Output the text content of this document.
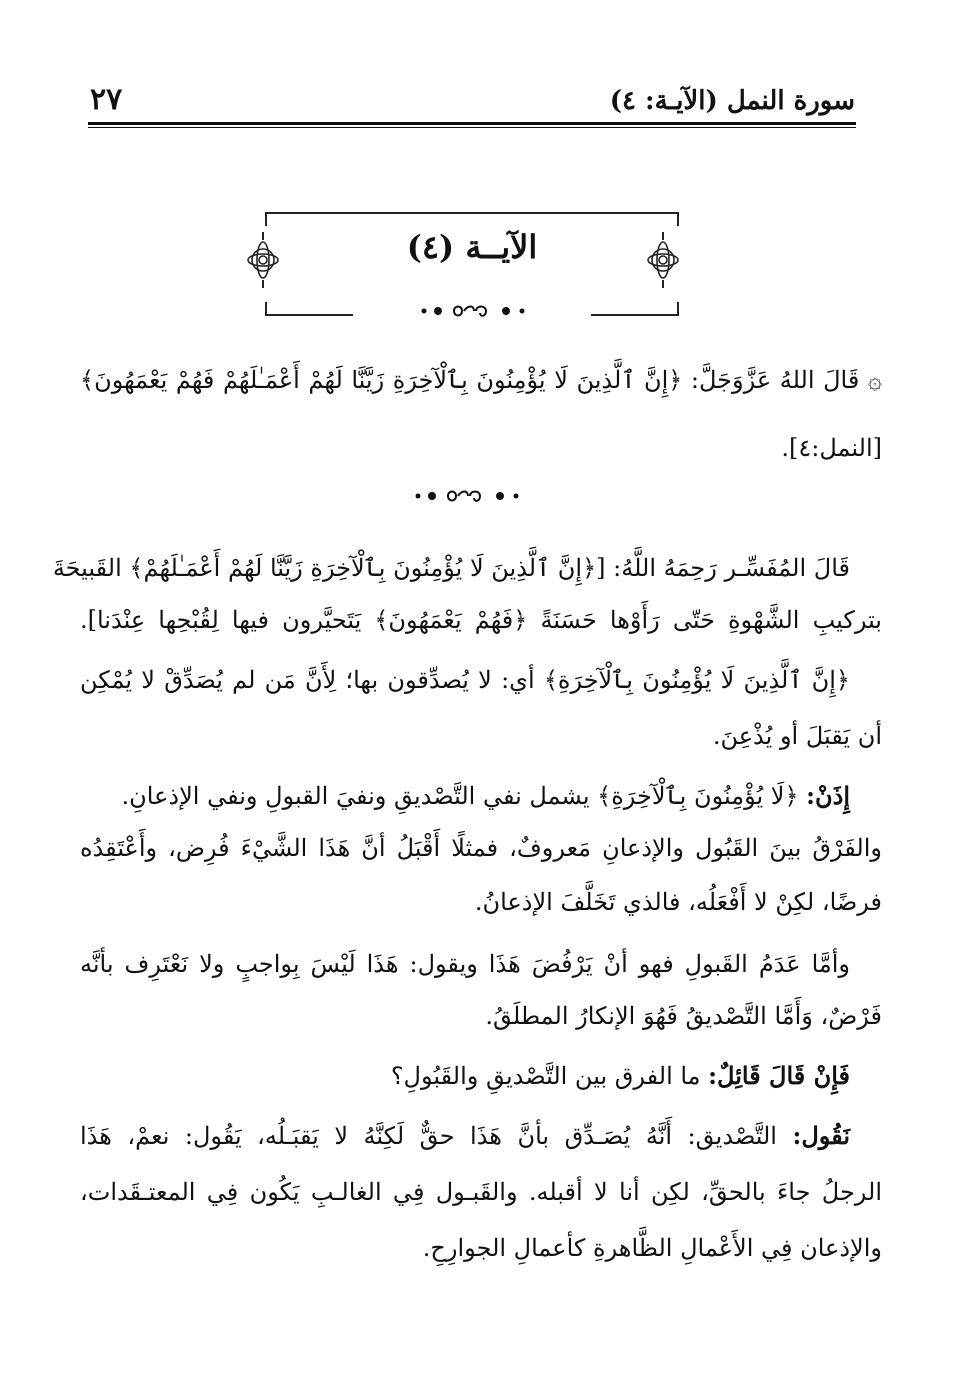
٢٧	سورة النمل (الآيـة: ٤)
الآيــة (٤)
۞ قَالَ اللهُ عَزَّوَجَلَّ: ﴿إِنَّ ٱلَّذِينَ لَا يُؤْمِنُونَ بِٱلْآخِرَةِ زَيَّنَّا لَهُمْ أَعْمَـٰلَهُمْ فَهُمْ يَعْمَهُونَ﴾
[النمل:٤].
قَالَ المُفَسِّـر رَحِمَهُ اللَّهُ: [﴿إِنَّ ٱلَّذِينَ لَا يُؤْمِنُونَ بِٱلْآخِرَةِ زَيَّنَّا لَهُمْ أَعْمَـٰلَهُمْ﴾ القَبيحَةَ
بتركيبِ الشَّهْوةِ حَتّى رَأَوْها حَسَنَةً ﴿فَهُمْ يَعْمَهُونَ﴾ يَتَحيَّرون فيها لِقُبْحِها عِنْدَنا].
﴿إِنَّ ٱلَّذِينَ لَا يُؤْمِنُونَ بِٱلْآخِرَةِ﴾ أي: لا يُصدِّقون بها؛ لِأَنَّ مَن لم يُصَدِّقْ لا يُمْكِن
أن يَقبَلَ أو يُذْعِنَ.
إِذَنْ: ﴿لَا يُؤْمِنُونَ بِٱلْآخِرَةِ﴾ يشمل نفي التَّصْديقِ ونفيَ القبولِ ونفي الإذعانِ.
والفَرْقُ بينَ القَبُول والإذعانِ مَعروفٌ، فمثلًا أَقْبَلُ أنَّ هَذَا الشَّيْءَ فُرِض، وأَعْتَقِدُه
فرضًا، لكِنْ لا أَفْعَلُه، فالذي تَخَلَّفَ الإذعانُ.
وأمَّا عَدَمُ القَبولِ فهو أنْ يَرْفُضَ هَذَا ويقول: هَذَا لَيْسَ بِواجبٍ ولا نَعْتَرِف بأنَّه
فَرْضٌ، وَأَمَّا التَّصْديقُ فَهُوَ الإنكارُ المطلَقُ.
فَإِنْ قَالَ قَائِلٌ: ما الفرق بين التَّصْديقِ والقَبُولِ؟
نَقُول: التَّصْديق: أَنَّهُ يُصَـدِّق بأنَّ هَذَا حقٌّ لَكِنَّهُ لا يَقبَـلُه، يَقُول: نعمْ، هَذَا
الرجلُ جاءَ بالحقِّ، لكِن أنا لا أقبله. والقَبـول فِي الغالـبِ يَكُون فِي المعتـقَدات،
والإذعان فِي الأَعْمالِ الظَّاهرةِ كأعمالِ الجوارِحِ.
